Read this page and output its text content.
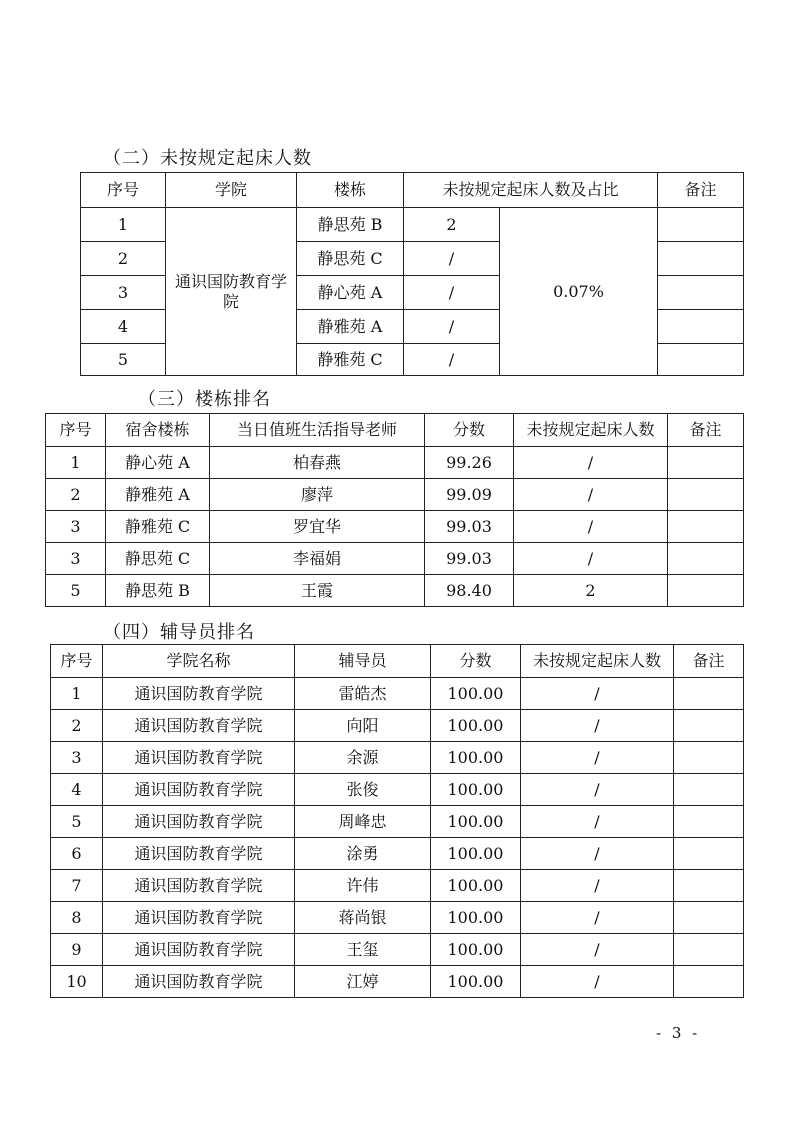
（二）未按规定起床人数
序号	学院	楼栋	未按规定起床人数及占比		备注
1	通识国防教育学院	静思苑 B	2	0.07%	
2		静思苑 C	/		
3		静心苑 A	/		
4		静雅苑 A	/		
5		静雅苑 C	/		
（三）楼栋排名
序号	宿舍楼栋	当日值班生活指导老师	分数	未按规定起床人数	备注
1	静心苑 A	柏春燕	99.26	/	
2	静雅苑 A	廖萍	99.09	/	
3	静雅苑 C	罗宜华	99.03	/	
3	静思苑 C	李福娟	99.03	/	
5	静思苑 B	王霞	98.40	2	
（四）辅导员排名
序号	学院名称	辅导员	分数	未按规定起床人数	备注
1	通识国防教育学院	雷皓杰	100.00	/	
2	通识国防教育学院	向阳	100.00	/	
3	通识国防教育学院	余源	100.00	/	
4	通识国防教育学院	张俊	100.00	/	
5	通识国防教育学院	周峰忠	100.00	/	
6	通识国防教育学院	涂勇	100.00	/	
7	通识国防教育学院	许伟	100.00	/	
8	通识国防教育学院	蒋尚银	100.00	/	
9	通识国防教育学院	王玺	100.00	/	
10	通识国防教育学院	江婷	100.00	/	
- 3 -
